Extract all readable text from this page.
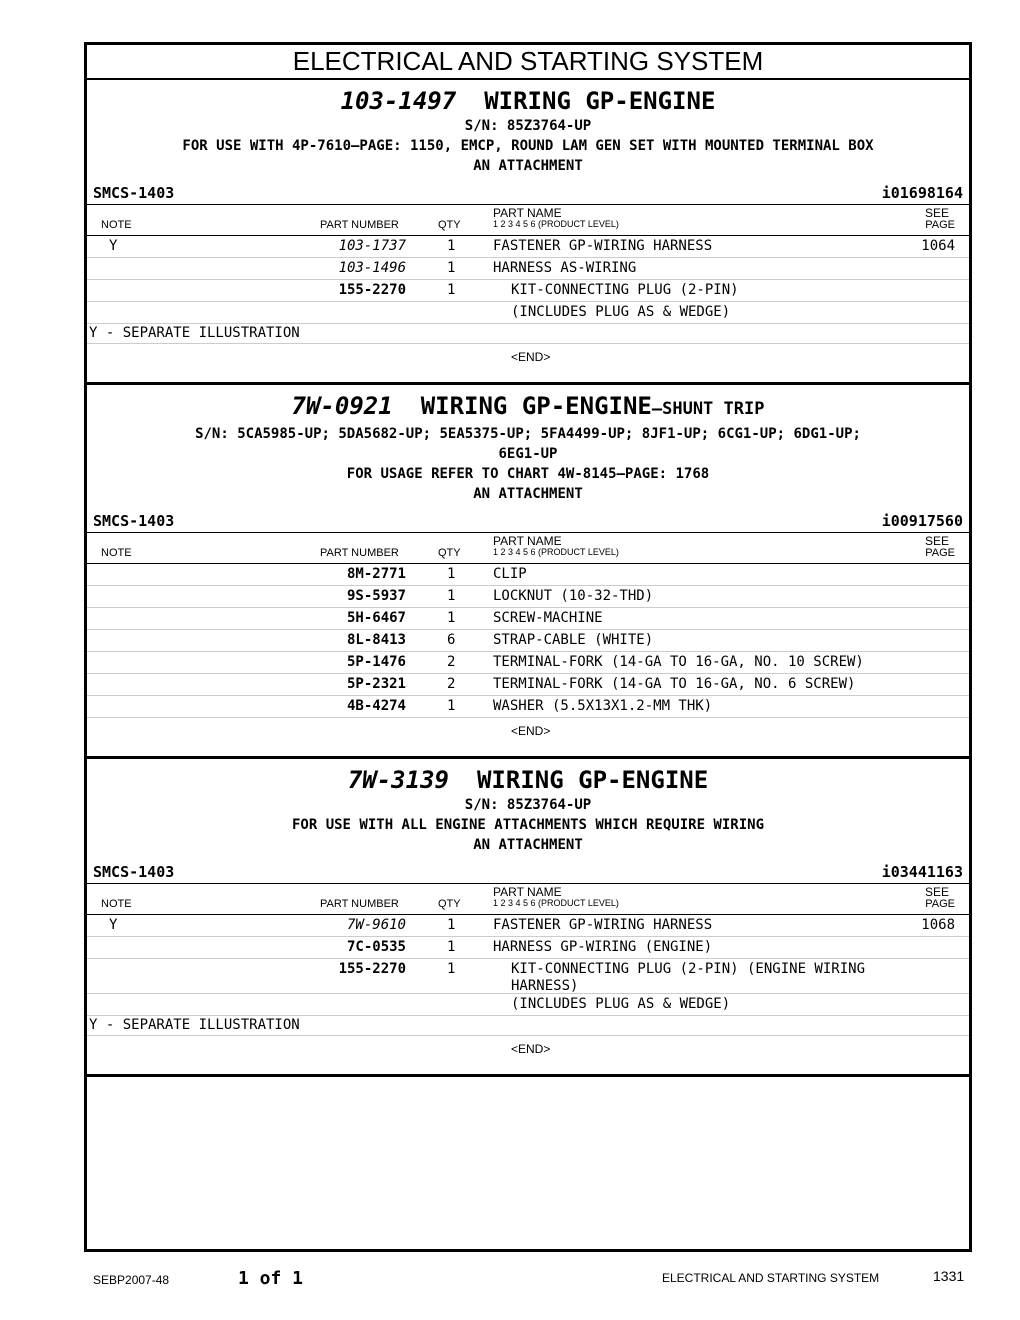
ELECTRICAL AND STARTING SYSTEM
103-1497 WIRING GP-ENGINE
S/N: 85Z3764-UP
FOR USE WITH 4P-7610—PAGE: 1150, EMCP, ROUND LAM GEN SET WITH MOUNTED TERMINAL BOX
AN ATTACHMENT
SMCS-1403	i01698164
NOTE	PART NUMBER	QTY
PART NAME
1 2 3 4 5 6 (PRODUCT LEVEL)
SEE
PAGE
Y	103-1737	1	FASTENER GP-WIRING HARNESS	1064
103-1496	1	HARNESS AS-WIRING
155-2270	1	KIT-CONNECTING PLUG (2-PIN)
(INCLUDES PLUG AS & WEDGE)
Y - SEPARATE ILLUSTRATION
<END>
7W-0921 WIRING GP-ENGINE—SHUNT TRIP
S/N: 5CA5985-UP; 5DA5682-UP; 5EA5375-UP; 5FA4499-UP; 8JF1-UP; 6CG1-UP; 6DG1-UP;
6EG1-UP
FOR USAGE REFER TO CHART 4W-8145—PAGE: 1768
AN ATTACHMENT
SMCS-1403	i00917560
NOTE	PART NUMBER	QTY
PART NAME
1 2 3 4 5 6 (PRODUCT LEVEL)
SEE
PAGE
8M-2771	1	CLIP
9S-5937	1	LOCKNUT (10-32-THD)
5H-6467	1	SCREW-MACHINE
8L-8413	6	STRAP-CABLE (WHITE)
5P-1476	2	TERMINAL-FORK (14-GA TO 16-GA, NO. 10 SCREW)
5P-2321	2	TERMINAL-FORK (14-GA TO 16-GA, NO. 6 SCREW)
4B-4274	1	WASHER (5.5X13X1.2-MM THK)
<END>
7W-3139 WIRING GP-ENGINE
S/N: 85Z3764-UP
FOR USE WITH ALL ENGINE ATTACHMENTS WHICH REQUIRE WIRING
AN ATTACHMENT
SMCS-1403	i03441163
NOTE	PART NUMBER	QTY
PART NAME
1 2 3 4 5 6 (PRODUCT LEVEL)
SEE
PAGE
Y	7W-9610	1	FASTENER GP-WIRING HARNESS	1068
7C-0535	1	HARNESS GP-WIRING (ENGINE)
155-2270	1	KIT-CONNECTING PLUG (2-PIN) (ENGINE WIRING HARNESS)
(INCLUDES PLUG AS & WEDGE)
Y - SEPARATE ILLUSTRATION
<END>
SEBP2007-48	1 of 1	ELECTRICAL AND STARTING SYSTEM	1331
